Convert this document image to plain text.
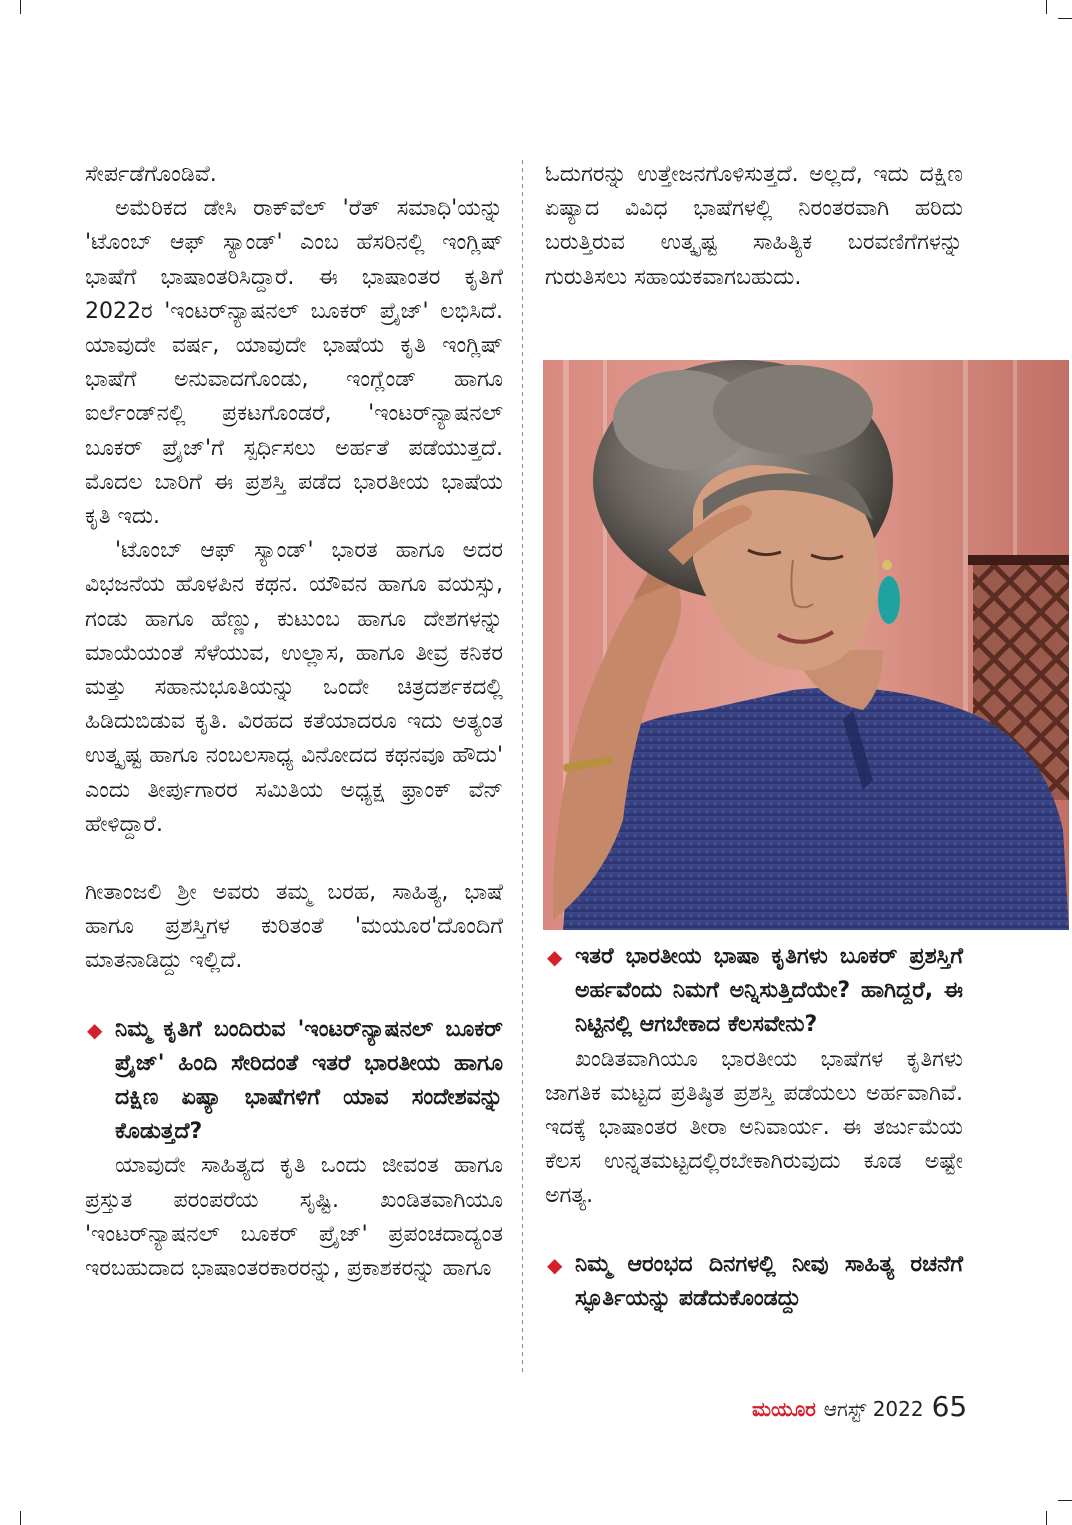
ಸೇರ್ಪಡೆಗೊಂಡಿವೆ.

ಅಮೆರಿಕದ ಡೇಸಿ ರಾಕ್‌ವೆಲ್ 'ರೆತ್ ಸಮಾಧಿ'ಯನ್ನು 'ಟೊಂಬ್ ಆಫ್ ಸ್ಯಾಂಡ್' ಎಂಬ ಹೆಸರಿನಲ್ಲಿ ಇಂಗ್ಲಿಷ್ ಭಾಷೆಗೆ ಭಾಷಾಂತರಿಸಿದ್ದಾರೆ. ಈ ಭಾಷಾಂತರ ಕೃತಿಗೆ 2022ರ 'ಇಂಟರ್‌ನ್ಯಾಷನಲ್ ಬೂಕರ್ ಪ್ರೈಜ್' ಲಭಿಸಿದೆ. ಯಾವುದೇ ವರ್ಷ, ಯಾವುದೇ ಭಾಷೆಯ ಕೃತಿ ಇಂಗ್ಲಿಷ್ ಭಾಷೆಗೆ ಅನುವಾದಗೊಂಡು, ಇಂಗ್ಲೆಂಡ್ ಹಾಗೂ ಐರ್ಲೆಂಡ್‌ನಲ್ಲಿ ಪ್ರಕಟಗೊಂಡರೆ, 'ಇಂಟರ್‌ನ್ಯಾಷನಲ್ ಬೂಕರ್ ಪ್ರೈಜ್'ಗೆ ಸ್ಪರ್ಧಿಸಲು ಅರ್ಹತೆ ಪಡೆಯುತ್ತದೆ. ಮೊದಲ ಬಾರಿಗೆ ಈ ಪ್ರಶಸ್ತಿ ಪಡೆದ ಭಾರತೀಯ ಭಾಷೆಯ ಕೃತಿ ಇದು.

'ಟೊಂಬ್ ಆಫ್ ಸ್ಯಾಂಡ್' ಭಾರತ ಹಾಗೂ ಅದರ ವಿಭಜನೆಯ ಹೊಳಪಿನ ಕಥನ. ಯೌವನ ಹಾಗೂ ವಯಸ್ಸು, ಗಂಡು ಹಾಗೂ ಹೆಣ್ಣು, ಕುಟುಂಬ ಹಾಗೂ ದೇಶಗಳನ್ನು ಮಾಯೆಯಂತೆ ಸೆಳೆಯುವ, ಉಲ್ಲಾಸ, ಹಾಗೂ ತೀವ್ರ ಕನಿಕರ ಮತ್ತು ಸಹಾನುಭೂತಿಯನ್ನು ಒಂದೇ ಚಿತ್ರದರ್ಶಕದಲ್ಲಿ ಹಿಡಿದುಬಿಡುವ ಕೃತಿ. ವಿರಹದ ಕತೆಯಾದರೂ ಇದು ಅತ್ಯಂತ ಉತ್ಕೃಷ್ಟ ಹಾಗೂ ನಂಬಲಸಾಧ್ಯ ವಿನೋದದ ಕಥನವೂ ಹೌದು' ಎಂದು ತೀರ್ಪುಗಾರರ ಸಮಿತಿಯ ಅಧ್ಯಕ್ಷ ಫ್ರಾಂಕ್ ವೆನ್ ಹೇಳಿದ್ದಾರೆ.

ಗೀತಾಂಜಲಿ ಶ್ರೀ ಅವರು ತಮ್ಮ ಬರಹ, ಸಾಹಿತ್ಯ, ಭಾಷೆ ಹಾಗೂ ಪ್ರಶಸ್ತಿಗಳ ಕುರಿತಂತೆ 'ಮಯೂರ'ದೊಂದಿಗೆ ಮಾತನಾಡಿದ್ದು ಇಲ್ಲಿದೆ.

◆ ನಿಮ್ಮ ಕೃತಿಗೆ ಬಂದಿರುವ 'ಇಂಟರ್‌ನ್ಯಾಷನಲ್ ಬೂಕರ್ ಪ್ರೈಜ್' ಹಿಂದಿ ಸೇರಿದಂತೆ ಇತರೆ ಭಾರತೀಯ ಹಾಗೂ ದಕ್ಷಿಣ ಏಷ್ಯಾ ಭಾಷೆಗಳಿಗೆ ಯಾವ ಸಂದೇಶವನ್ನು ಕೊಡುತ್ತದೆ?

ಯಾವುದೇ ಸಾಹಿತ್ಯದ ಕೃತಿ ಒಂದು ಜೀವಂತ ಹಾಗೂ ಪ್ರಸ್ತುತ ಪರಂಪರೆಯ ಸೃಷ್ಟಿ. ಖಂಡಿತವಾಗಿಯೂ 'ಇಂಟರ್‌ನ್ಯಾಷನಲ್ ಬೂಕರ್ ಪ್ರೈಜ್' ಪ್ರಪಂಚದಾದ್ಯಂತ ಇರಬಹುದಾದ ಭಾಷಾಂತರಕಾರರನ್ನು, ಪ್ರಕಾಶಕರನ್ನು ಹಾಗೂ

ಓದುಗರನ್ನು ಉತ್ತೇಜನಗೊಳಿಸುತ್ತದೆ. ಅಲ್ಲದೆ, ಇದು ದಕ್ಷಿಣ ಏಷ್ಯಾದ ವಿವಿಧ ಭಾಷೆಗಳಲ್ಲಿ ನಿರಂತರವಾಗಿ ಹರಿದು ಬರುತ್ತಿರುವ ಉತ್ಕೃಷ್ಟ ಸಾಹಿತ್ಯಿಕ ಬರವಣಿಗೆಗಳನ್ನು ಗುರುತಿಸಲು ಸಹಾಯಕವಾಗಬಹುದು.

◆ ಇತರೆ ಭಾರತೀಯ ಭಾಷಾ ಕೃತಿಗಳು ಬೂಕರ್ ಪ್ರಶಸ್ತಿಗೆ ಅರ್ಹವೆಂದು ನಿಮಗೆ ಅನ್ನಿಸುತ್ತಿದೆಯೇ? ಹಾಗಿದ್ದರೆ, ಈ ನಿಟ್ಟಿನಲ್ಲಿ ಆಗಬೇಕಾದ ಕೆಲಸವೇನು?

ಖಂಡಿತವಾಗಿಯೂ ಭಾರತೀಯ ಭಾಷೆಗಳ ಕೃತಿಗಳು ಜಾಗತಿಕ ಮಟ್ಟದ ಪ್ರತಿಷ್ಠಿತ ಪ್ರಶಸ್ತಿ ಪಡೆಯಲು ಅರ್ಹವಾಗಿವೆ. ಇದಕ್ಕೆ ಭಾಷಾಂತರ ತೀರಾ ಅನಿವಾರ್ಯ. ಈ ತರ್ಜುಮೆಯ ಕೆಲಸ ಉನ್ನತಮಟ್ಟದಲ್ಲಿರಬೇಕಾಗಿರುವುದು ಕೂಡ ಅಷ್ಟೇ ಅಗತ್ಯ.

◆ ನಿಮ್ಮ ಆರಂಭದ ದಿನಗಳಲ್ಲಿ ನೀವು ಸಾಹಿತ್ಯ ರಚನೆಗೆ ಸ್ಫೂರ್ತಿಯನ್ನು ಪಡೆದುಕೊಂಡದ್ದು

ಮಯೂರ ಆಗಸ್ಟ್ 2022 65
